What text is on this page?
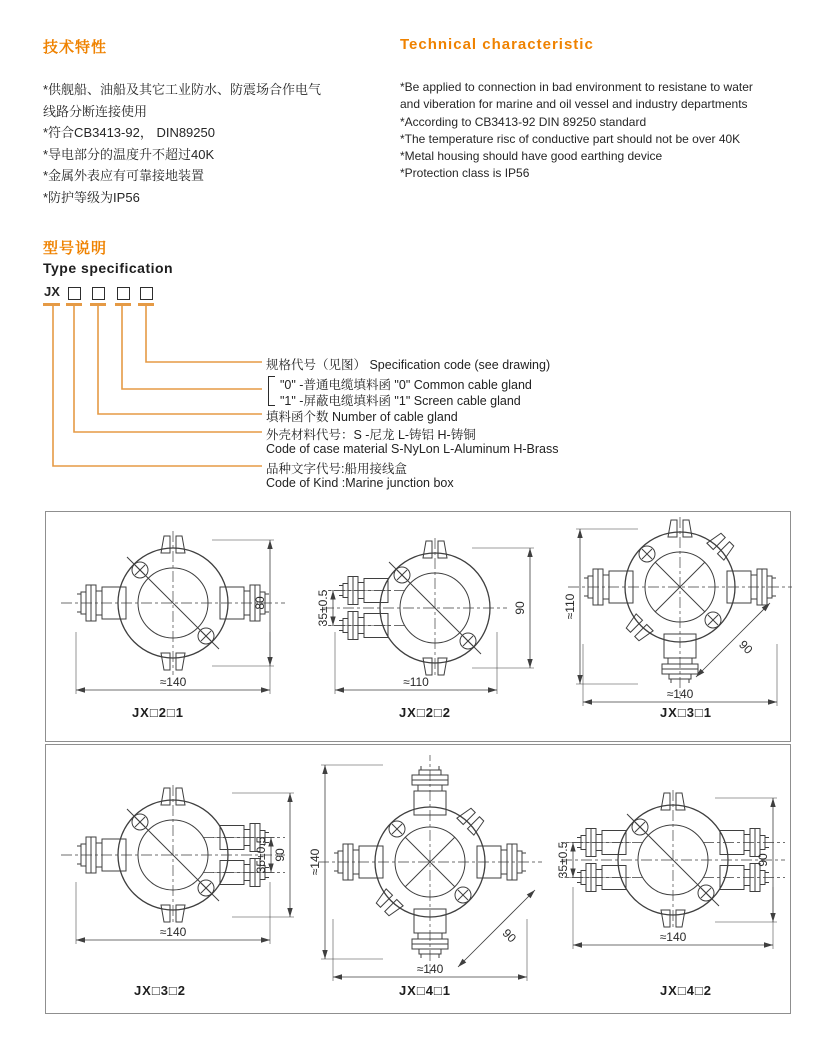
技术特性
*供舰船、油船及其它工业防水、防震场合作电气
线路分断连接使用
*符合CB3413-92， DIN89250
*导电部分的温度升不超过40K
*金属外表应有可靠接地装置
*防护等级为IP56
Technical characteristic
*Be applied to connection in bad environment to resistane to water
and viberation for marine and oil vessel and industry departments
*According to CB3413-92 DIN 89250 standard
*The temperature risc of conductive part should not be over 40K
*Metal housing should have good earthing device
*Protection class is IP56
型号说明
Type specification
JX
规格代号（见图） Specification code (see drawing)
"0" -普通电缆填料函 "0" Common cable gland
"1" -屏蔽电缆填料函 "1" Screen cable gland
填料函个数 Number of cable gland
外壳材料代号：S -尼龙 L-铸铝 H-铸铜
Code of case material S-NyLon L-Aluminum H-Brass
品种文字代号:船用接线盒
Code of Kind :Marine junction box
≈140
80
≈110
90
35±0.5	≈110
≈140
90
≈140
35±0.5 90 ≈140
≈140
90	≈140
35±0.5	90
JX□2□1	JX□2□2	JX□3□1
JX□3□2	JX□4□1	JX□4□2
